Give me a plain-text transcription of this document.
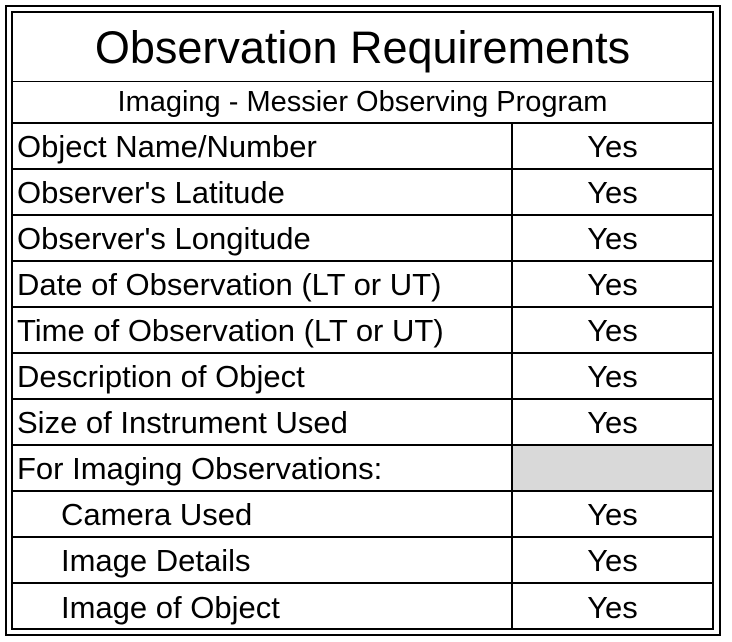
Observation Requirements
Imaging - Messier Observing Program
Object Name/Number	Yes
Observer's Latitude	Yes
Observer's Longitude	Yes
Date of Observation (LT or UT)	Yes
Time of Observation (LT or UT)	Yes
Description of Object	Yes
Size of Instrument Used	Yes
For Imaging Observations:
Camera Used	Yes
Image Details	Yes
Image of Object	Yes
